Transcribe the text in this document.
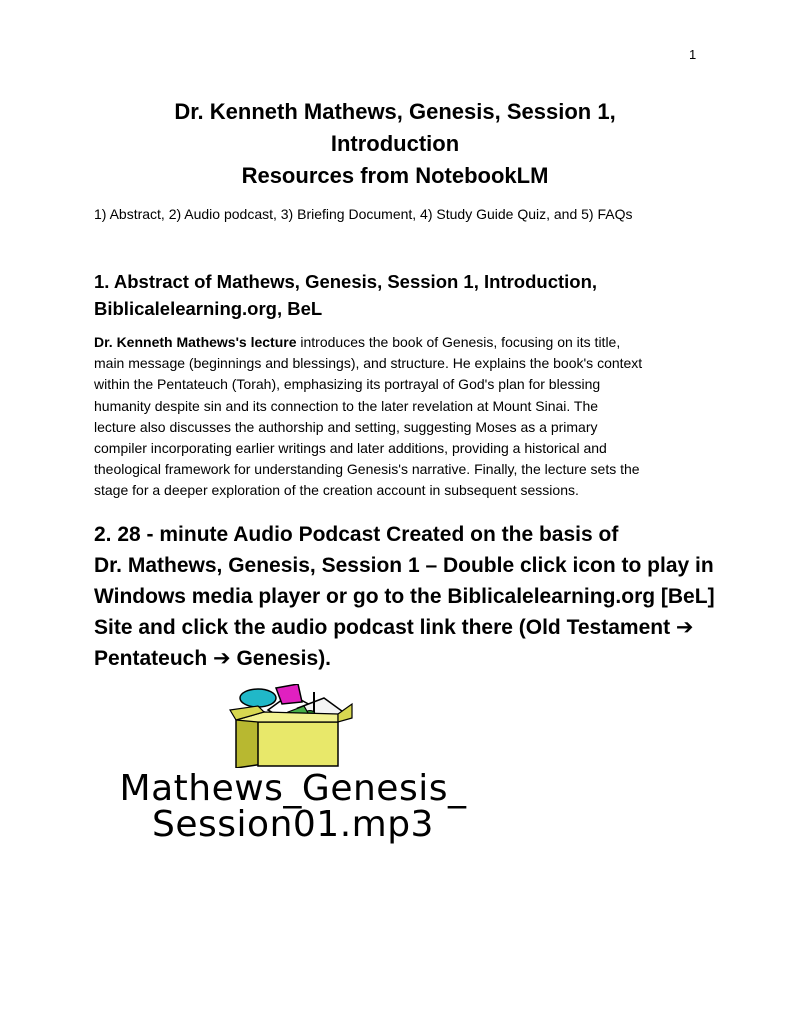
1
Dr. Kenneth Mathews, Genesis, Session 1,
Introduction
Resources from NotebookLM
1) Abstract, 2) Audio podcast, 3) Briefing Document, 4) Study Guide Quiz, and 5) FAQs
1. Abstract of Mathews, Genesis, Session 1, Introduction,
Biblicalelearning.org, BeL
Dr. Kenneth Mathews's lecture introduces the book of Genesis, focusing on its title,
main message (beginnings and blessings), and structure. He explains the book's context
within the Pentateuch (Torah), emphasizing its portrayal of God's plan for blessing
humanity despite sin and its connection to the later revelation at Mount Sinai. The
lecture also discusses the authorship and setting, suggesting Moses as a primary
compiler incorporating earlier writings and later additions, providing a historical and
theological framework for understanding Genesis's narrative. Finally, the lecture sets the
stage for a deeper exploration of the creation account in subsequent sessions.
2. 28 - minute Audio Podcast Created on the basis of
Dr. Mathews, Genesis, Session 1 – Double click icon to play in
Windows media player or go to the Biblicalelearning.org [BeL]
Site and click the audio podcast link there (Old Testament ➔
Pentateuch ➔ Genesis).
Mathews_Genesis_
Session01.mp3
